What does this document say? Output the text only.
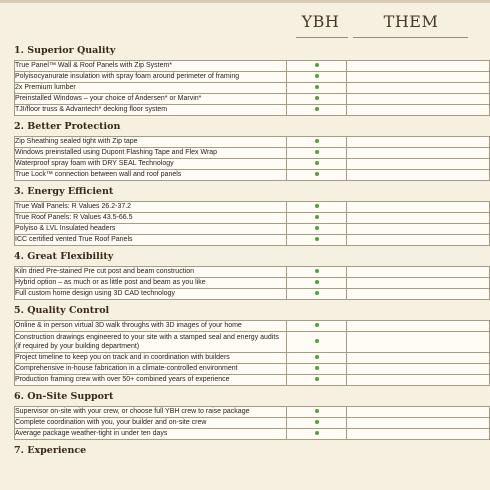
YBH	THEM
1. Superior Quality
True Panel™ Wall & Roof Panels with Zip System*		
Polyisocyanurate insulation with spray foam around perimeter of framing		
2x Premium lumber		
Preinstalled Windows – your choice of Andersen* or Marvin*		
TJI/floor truss & Advantech* decking floor system		
2. Better Protection
Zip Sheathing sealed tight with Zip tape		
Windows preinstalled using Dupont Flashing Tape and Flex Wrap		
Waterproof spray foam with DRY SEAL Technology		
True Lock™ connection between wall and roof panels		
3. Energy Efficient
True Wall Panels: R Values 26.2-37.2		
True Roof Panels: R Values 43.5-66.5		
Polyiso & LVL Insulated headers		
ICC certified vented True Roof Panels		
4. Great Flexibility
Kiln dried Pre-stained Pre cut post and beam construction		
Hybrid option – as much or as little post and beam as you like		
Full custom home design using 3D CAD technology		
5. Quality Control
Online & in person virtual 3D walk throughs with 3D images of your home		
Construction drawings engineered to your site with a stamped seal and energy audits (if required by your building department)		
Project timeline to keep you on track and in coordination with builders		
Comprehensive in-house fabrication in a climate-controlled environment		
Production framing crew with over 50+ combined years of experience		
6. On-Site Support
Supervisor on-site with your crew, or choose full YBH crew to raise package		
Complete coordination with you, your builder and on-site crew		
Average package weather-tight in under ten days		
7. Experience
